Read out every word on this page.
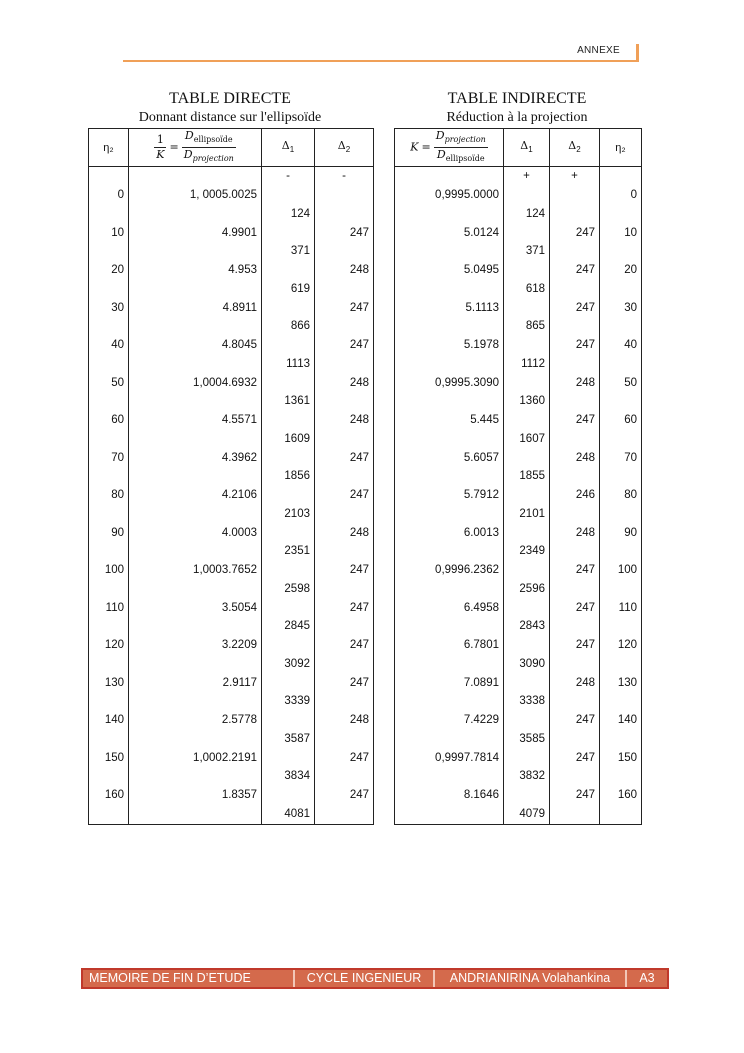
ANNEXE
TABLE DIRECTE
Donnant distance sur l'ellipsoïde
TABLE INDIRECTE
Réduction à la projection
η₂	$\frac{1}{K} = \frac{D_{ellipsoïde}}{D_{projection}}$	$\Delta_1$	$\Delta_2$
		-	-
0	1, 0005.0025		
		124	
10	4.9901		247
		371	
20	4.953		248
		619	
30	4.8911		247
		866	
40	4.8045		247
		1113	
50	1,0004.6932		248
		1361	
60	4.5571		248
		1609	
70	4.3962		247
		1856	
80	4.2106		247
		2103	
90	4.0003		248
		2351	
100	1,0003.7652		247
		2598	
110	3.5054		247
		2845	
120	3.2209		247
		3092	
130	2.9117		247
		3339	
140	2.5778		248
		3587	
150	1,0002.2191		247
		3834	
160	1.8357		247
		4081	
$K = \frac{D_{projection}}{D_{ellipsoïde}}$	$\Delta_1$	$\Delta_2$	η₂
	+	+	
0,9995.0000			0
	124		
5.0124		247	10
	371		
5.0495		247	20
	618		
5.1113		247	30
	865		
5.1978		247	40
	1112		
0,9995.3090		248	50
	1360		
5.445		247	60
	1607		
5.6057		248	70
	1855		
5.7912		246	80
	2101		
6.0013		248	90
	2349		
0,9996.2362		247	100
	2596		
6.4958		247	110
	2843		
6.7801		247	120
	3090		
7.0891		248	130
	3338		
7.4229		247	140
	3585		
0,9997.7814		247	150
	3832		
8.1646		247	160
	4079		
MEMOIRE DE FIN D’ETUDE	CYCLE INGENIEUR	ANDRIANIRINA Volahankina	A3
